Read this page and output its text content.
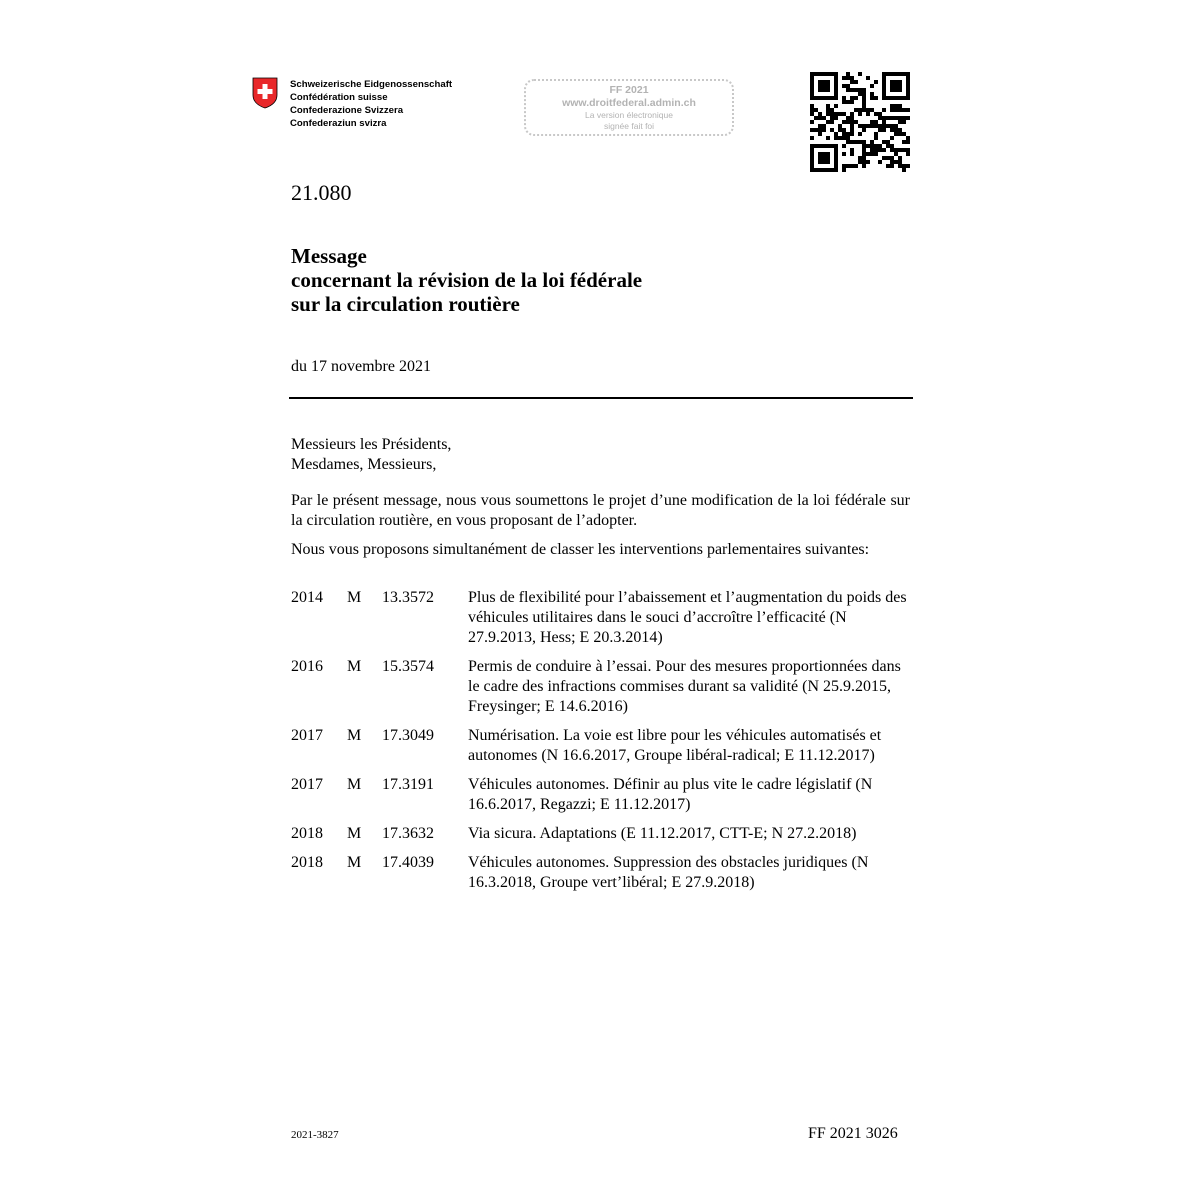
Schweizerische Eidgenossenschaft
Confédération suisse
Confederazione Svizzera
Confederaziun svizra
FF 2021
www.droitfederal.admin.ch
La version électronique
signée fait foi
21.080
Message
concernant la révision de la loi fédérale
sur la circulation routière
du 17 novembre 2021
Messieurs les Présidents,
Mesdames, Messieurs,
Par le présent message, nous vous soumettons le projet d’une modification de la loi fédérale sur la circulation routière, en vous proposant de l’adopter.
Nous vous proposons simultanément de classer les interventions parlementaires suivantes:
2014	M	13.3572	Plus de flexibilité pour l’abaissement et l’augmentation du poids des véhicules utilitaires dans le souci d’accroître l’efficacité (N 27.9.2013, Hess; E 20.3.2014)
2016	M	15.3574	Permis de conduire à l’essai. Pour des mesures proportionnées dans le cadre des infractions commises durant sa validité (N 25.9.2015, Freysinger; E 14.6.2016)
2017	M	17.3049	Numérisation. La voie est libre pour les véhicules automatisés et autonomes (N 16.6.2017, Groupe libéral-radical; E 11.12.2017)
2017	M	17.3191	Véhicules autonomes. Définir au plus vite le cadre législatif (N 16.6.2017, Regazzi; E 11.12.2017)
2018	M	17.3632	Via sicura. Adaptations (E 11.12.2017, CTT-E; N 27.2.2018)
2018	M	17.4039	Véhicules autonomes. Suppression des obstacles juridiques (N 16.3.2018, Groupe vert’libéral; E 27.9.2018)
2021-3827	FF 2021 3026
